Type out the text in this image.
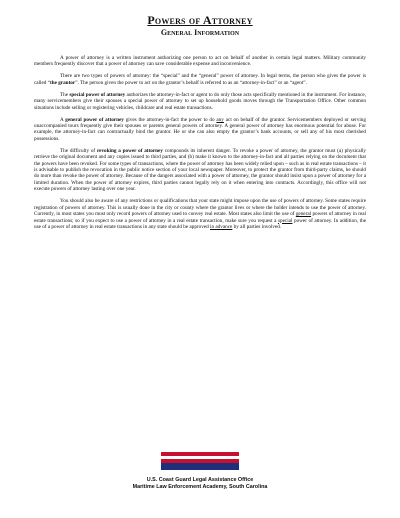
Powers of Attorney
General Information

A power of attorney is a written instrument authorizing one person to act on behalf of another in certain legal matters. Military community members frequently discover that a power of attorney can save considerable expense and inconvenience.

There are two types of powers of attorney: the “special” and the “general” power of attorney. In legal terms, the person who gives the power is called “the grantor”. The person given the power to act on the grantor’s behalf is referred to as an “attorney-in-fact” or an “agent”.

The special power of attorney authorizes the attorney-in-fact or agent to do only those acts specifically mentioned in the instrument. For instance, many servicemembers give their spouses a special power of attorney to set up household goods moves through the Transportation Office. Other common situations include selling or registering vehicles, childcare and real estate transactions.

A general power of attorney gives the attorney-in-fact the power to do any act on behalf of the grantor. Servicemembers deployed or serving unaccompanied tours frequently give their spouses or parents general powers of attorney. A general power of attorney has enormous potential for abuse. For example, the attorney-in-fact can contractually bind the grantor. He or she can also empty the grantor’s bank accounts, or sell any of his most cherished possessions.

The difficulty of revoking a power of attorney compounds its inherent danger. To revoke a power of attorney, the grantor must (a) physically retrieve the original document and any copies issued to third parties, and (b) make it known to the attorney-in-fact and all parties relying on the document that the powers have been revoked. For some types of transactions, where the power of attorney has been widely relied upon – such as in real estate transactions – it is advisable to publish the revocation in the public notice section of your local newspaper. Moreover, to protect the grantor from third-party claims, he should do more than revoke the power of attorney. Because of the dangers associated with a power of attorney, the grantor should insist upon a power of attorney for a limited duration. When the power of attorney expires, third parties cannot legally rely on it when entering into contracts. Accordingly, this office will not execute powers of attorney lasting over one year.

You should also be aware of any restrictions or qualifications that your state might impose upon the use of powers of attorney. Some states require registration of powers of attorney. This is usually done in the city or county where the grantor lives or where the holder intends to use the power of attorney. Currently, in most states you must only record powers of attorney used to convey real estate. Most states also limit the use of general powers of attorney in real estate transactions; so if you expect to use a power of attorney in a real estate transaction, make sure you request a special power of attorney. In addition, the use of a power of attorney in real estate transactions in any state should be approved in advance by all parties involved.

U.S. Coast Guard Legal Assistance Office
Maritime Law Enforcement Academy, South Carolina
